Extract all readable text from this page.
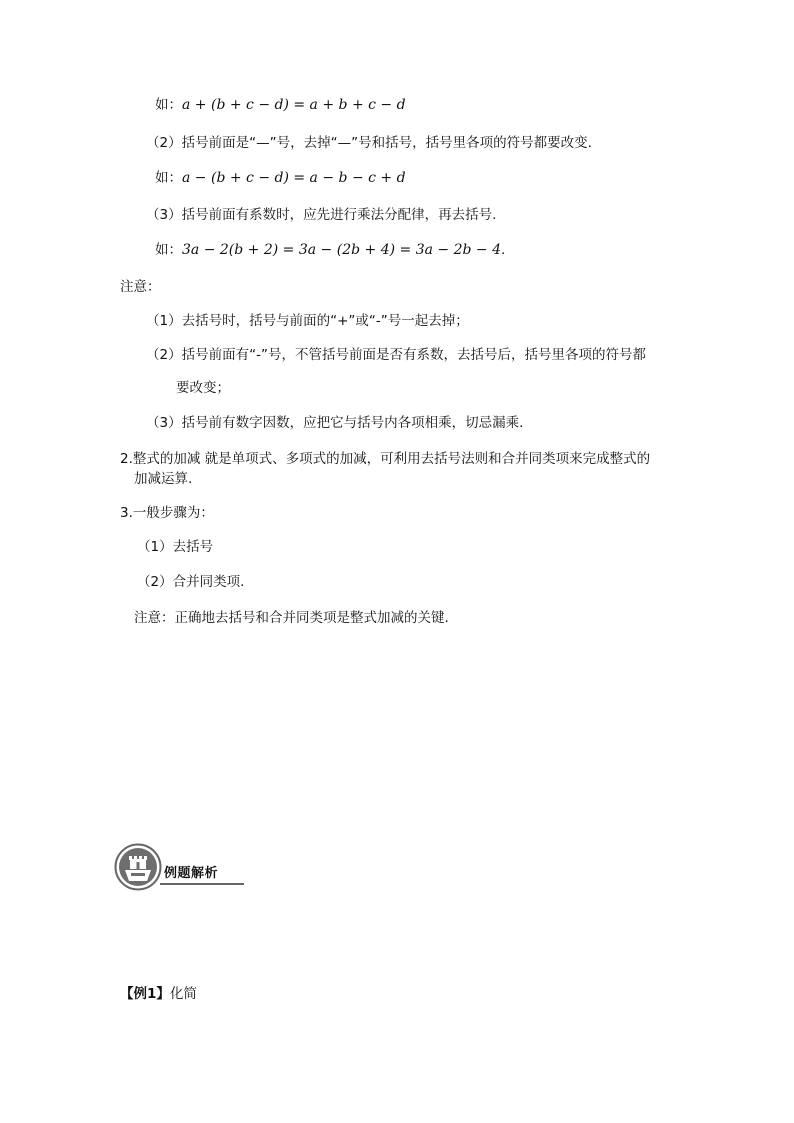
如：a + (b + c − d) = a + b + c − d
（2）括号前面是“—”号，去掉“—”号和括号，括号里各项的符号都要改变.
如：a − (b + c − d) = a − b − c + d
（3）括号前面有系数时，应先进行乘法分配律，再去括号.
如：3a − 2(b + 2) = 3a − (2b + 4) = 3a − 2b − 4.
注意：
（1）去括号时，括号与前面的“+”或“-”号一起去掉；
（2）括号前面有“-”号，不管括号前面是否有系数，去括号后，括号里各项的符号都
要改变；
（3）括号前有数字因数，应把它与括号内各项相乘，切忌漏乘.
2.整式的加减 就是单项式、多项式的加减，可利用去括号法则和合并同类项来完成整式的
加减运算.
3.一般步骤为：
（1）去括号
（2）合并同类项.
注意：正确地去括号和合并同类项是整式加减的关键.
例题解析
【例1】化简
